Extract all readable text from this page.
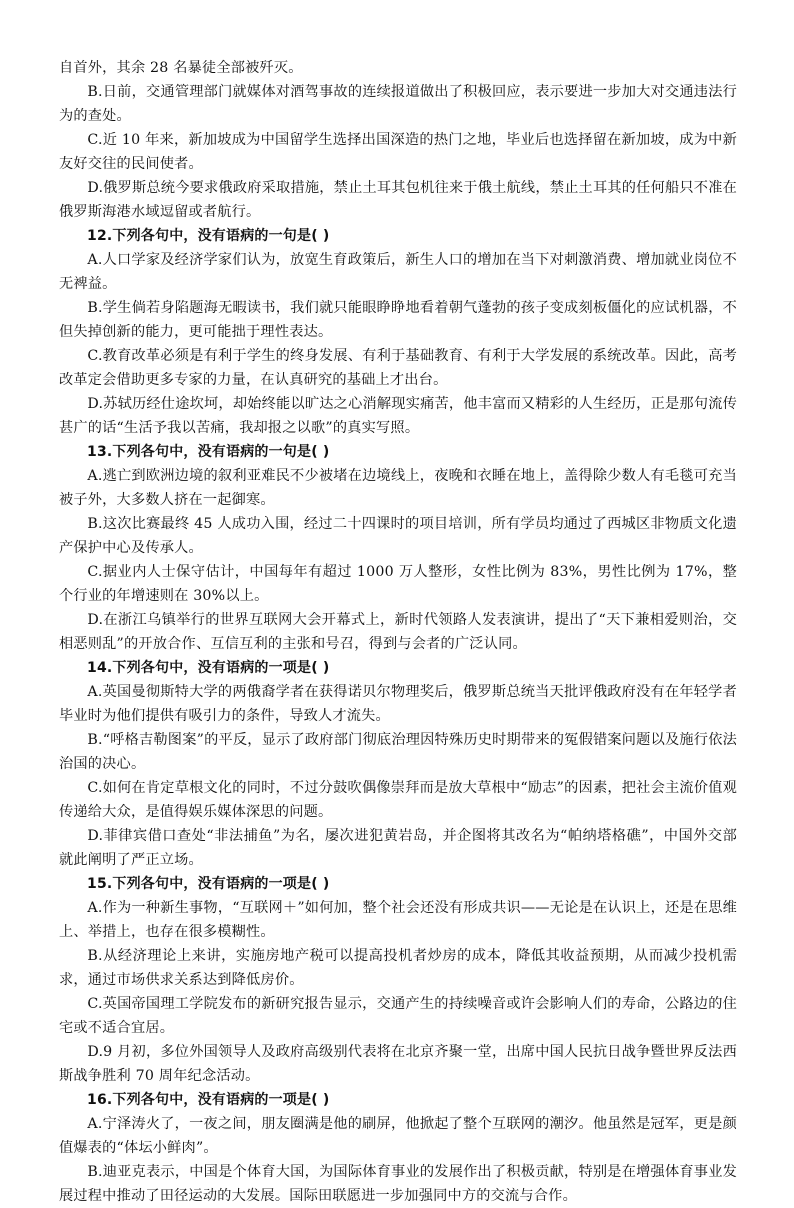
自首外，其余 28 名暴徒全部被歼灭。

B.日前，交通管理部门就媒体对酒驾事故的连续报道做出了积极回应，表示要进一步加大对交通违法行为的查处。

C.近 10 年来，新加坡成为中国留学生选择出国深造的热门之地，毕业后也选择留在新加坡，成为中新友好交往的民间使者。

D.俄罗斯总统今要求俄政府采取措施，禁止土耳其包机往来于俄土航线，禁止土耳其的任何船只不准在俄罗斯海港水域逗留或者航行。

12.下列各句中，没有语病的一句是( )

A.人口学家及经济学家们认为，放宽生育政策后，新生人口的增加在当下对刺激消费、增加就业岗位不无裨益。

B.学生倘若身陷题海无暇读书，我们就只能眼睁睁地看着朝气蓬勃的孩子变成刻板僵化的应试机器，不但失掉创新的能力，更可能拙于理性表达。

C.教育改革必须是有利于学生的终身发展、有利于基础教育、有利于大学发展的系统改革。因此，高考改革定会借助更多专家的力量，在认真研究的基础上才出台。

D.苏轼历经仕途坎坷，却始终能以旷达之心消解现实痛苦，他丰富而又精彩的人生经历，正是那句流传甚广的话“生活予我以苦痛，我却报之以歌”的真实写照。

13.下列各句中，没有语病的一句是( )

A.逃亡到欧洲边境的叙利亚难民不少被堵在边境线上，夜晚和衣睡在地上，盖得除少数人有毛毯可充当被子外，大多数人挤在一起御寒。

B.这次比赛最终 45 人成功入围，经过二十四课时的项目培训，所有学员均通过了西城区非物质文化遗产保护中心及传承人。

C.据业内人士保守估计，中国每年有超过 1000 万人整形，女性比例为 83%，男性比例为 17%，整个行业的年增速则在 30%以上。

D.在浙江乌镇举行的世界互联网大会开幕式上，新时代领路人发表演讲，提出了“天下兼相爱则治，交相恶则乱”的开放合作、互信互利的主张和号召，得到与会者的广泛认同。

14.下列各句中，没有语病的一项是( )

A.英国曼彻斯特大学的两俄裔学者在获得诺贝尔物理奖后，俄罗斯总统当天批评俄政府没有在年轻学者毕业时为他们提供有吸引力的条件，导致人才流失。

B.“呼格吉勒图案”的平反，显示了政府部门彻底治理因特殊历史时期带来的冤假错案问题以及施行依法治国的决心。

C.如何在肯定草根文化的同时，不过分鼓吹偶像崇拜而是放大草根中“励志”的因素，把社会主流价值观传递给大众，是值得娱乐媒体深思的问题。

D.菲律宾借口查处“非法捕鱼”为名，屡次进犯黄岩岛，并企图将其改名为“帕纳塔格礁”，中国外交部就此阐明了严正立场。

15.下列各句中，没有语病的一项是( )

A.作为一种新生事物，“互联网＋”如何加，整个社会还没有形成共识——无论是在认识上，还是在思维上、举措上，也存在很多模糊性。

B.从经济理论上来讲，实施房地产税可以提高投机者炒房的成本，降低其收益预期，从而减少投机需求，通过市场供求关系达到降低房价。

C.英国帝国理工学院发布的新研究报告显示，交通产生的持续噪音或许会影响人们的寿命，公路边的住宅或不适合宜居。

D.9 月初，多位外国领导人及政府高级别代表将在北京齐聚一堂，出席中国人民抗日战争暨世界反法西斯战争胜利 70 周年纪念活动。

16.下列各句中，没有语病的一项是( )

A.宁泽涛火了，一夜之间，朋友圈满是他的刷屏，他掀起了整个互联网的潮汐。他虽然是冠军，更是颜值爆表的“体坛小鲜肉”。

B.迪亚克表示，中国是个体育大国，为国际体育事业的发展作出了积极贡献，特别是在增强体育事业发展过程中推动了田径运动的大发展。国际田联愿进一步加强同中方的交流与合作。
